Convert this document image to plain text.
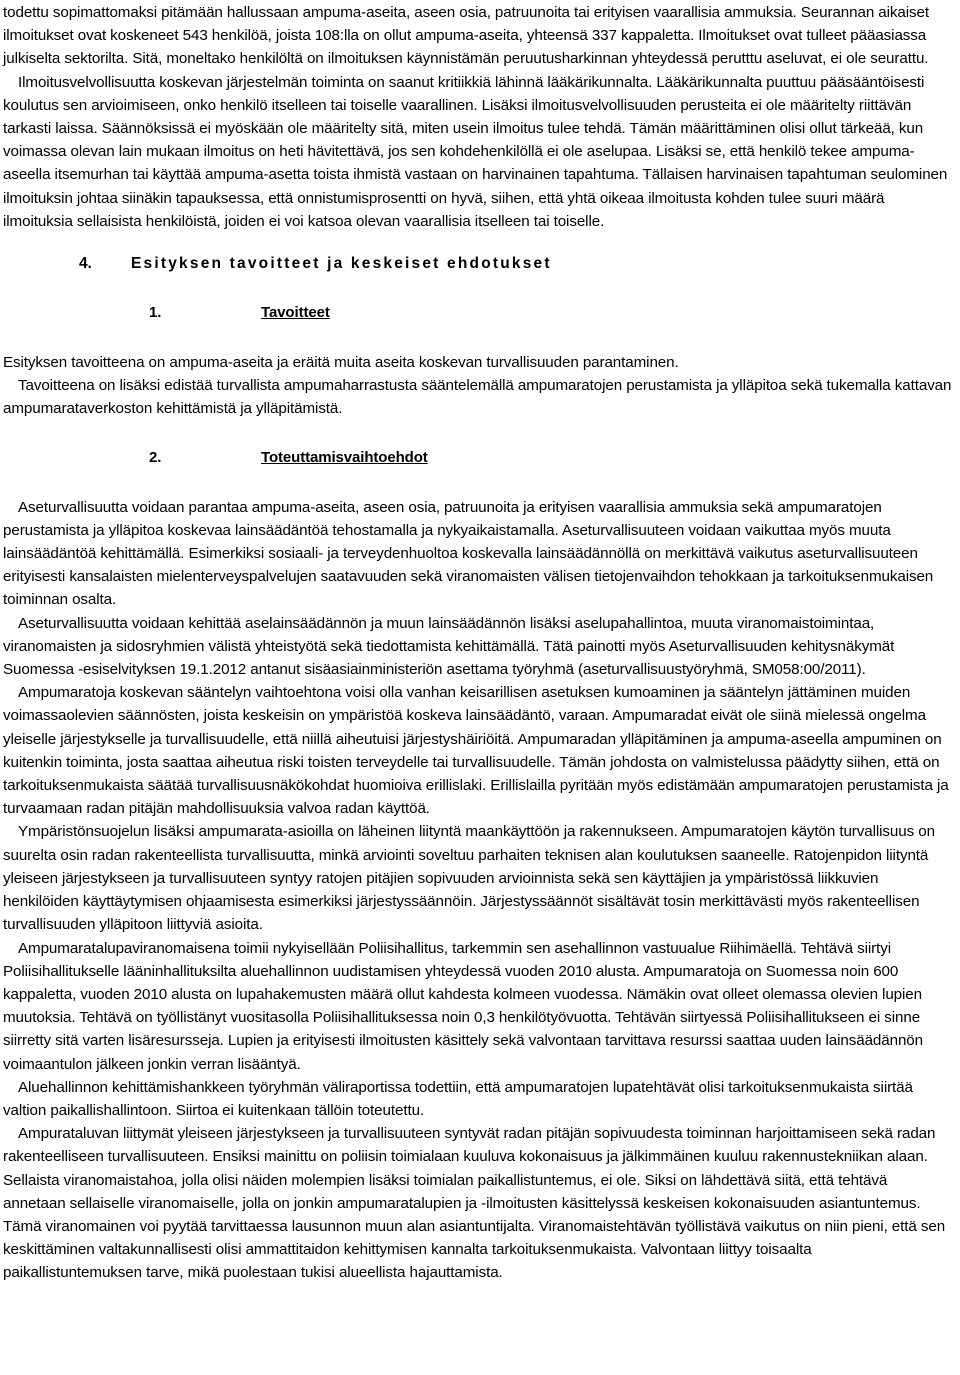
todettu sopimattomaksi pitämään hallussaan ampuma-aseita, aseen osia, patruunoita tai erityisen vaarallisia ammuksia. Seurannan aikaiset ilmoitukset ovat koskeneet 543 henkilöä, joista 108:lla on ollut ampuma-aseita, yhteensä 337 kappaletta. Ilmoitukset ovat tulleet pääasiassa julkiselta sektorilta. Sitä, moneltako henkilöltä on ilmoituksen käynnistämän peruutusharkinnan yhteydessä perutttu aseluvat, ei ole seurattu.

Ilmoitusvelvollisuutta koskevan järjestelmän toiminta on saanut kritiikkiä lähinnä lääkärikunnalta. Lääkärikunnalta puuttuu pääsääntöisesti koulutus sen arvioimiseen, onko henkilö itselleen tai toiselle vaarallinen. Lisäksi ilmoitusvelvollisuuden perusteita ei ole määritelty riittävän tarkasti laissa. Säännöksissä ei myöskään ole määritelty sitä, miten usein ilmoitus tulee tehdä. Tämän määrittäminen olisi ollut tärkeää, kun voimassa olevan lain mukaan ilmoitus on heti hävitettävä, jos sen kohdehenkilöllä ei ole aselupaa. Lisäksi se, että henkilö tekee ampuma-aseella itsemurhan tai käyttää ampuma-asetta toista ihmistä vastaan on harvinainen tapahtuma. Tällaisen harvinaisen tapahtuman seulominen ilmoituksin johtaa siinäkin tapauksessa, että onnistumisprosentti on hyvä, siihen, että yhtä oikeaa ilmoitusta kohden tulee suuri määrä ilmoituksia sellaisista henkilöistä, joiden ei voi katsoa olevan vaarallisia itselleen tai toiselle.

4.	Esityksen tavoitteet ja keskeiset ehdotukset
1.	Tavoitteet

Esityksen tavoitteena on ampuma-aseita ja eräitä muita aseita koskevan turvallisuuden parantaminen.

Tavoitteena on lisäksi edistää turvallista ampumaharrastusta sääntelemällä ampumaratojen perustamista ja ylläpitoa sekä tukemalla kattavan ampumarataverkoston kehittämistä ja ylläpitämistä.

2.	Toteuttamisvaihtoehdot

Aseturvallisuutta voidaan parantaa ampuma-aseita, aseen osia, patruunoita ja erityisen vaarallisia ammuksia sekä ampumaratojen perustamista ja ylläpitoa koskevaa lainsäädäntöä tehostamalla ja nykyaikaistamalla. Aseturvallisuuteen voidaan vaikuttaa myös muuta lainsäädäntöä kehittämällä. Esimerkiksi sosiaali- ja terveydenhuoltoa koskevalla lainsäädännöllä on merkittävä vaikutus aseturvallisuuteen erityisesti kansalaisten mielenterveyspalvelujen saatavuuden sekä viranomaisten välisen tietojenvaihdon tehokkaan ja tarkoituksenmukaisen toiminnan osalta.

Aseturvallisuutta voidaan kehittää aselainsäädännön ja muun lainsäädännön lisäksi aselupahallintoa, muuta viranomaistoimintaa, viranomaisten ja sidosryhmien välistä yhteistyötä sekä tiedottamista kehittämällä. Tätä painotti myös Aseturvallisuuden kehitysnäkymät Suomessa -esiselvityksen 19.1.2012 antanut sisäasiainministeriön asettama työryhmä (aseturvallisuustyöryhmä, SM058:00/2011).

Ampumaratoja koskevan sääntelyn vaihtoehtona voisi olla vanhan keisarillisen asetuksen kumoaminen ja sääntelyn jättäminen muiden voimassaolevien säännösten, joista keskeisin on ympäristöä koskeva lainsäädäntö, varaan. Ampumaradat eivät ole siinä mielessä ongelma yleiselle järjestykselle ja turvallisuudelle, että niillä aiheutuisi järjestyshäiriöitä. Ampumaradan ylläpitäminen ja ampuma-aseella ampuminen on kuitenkin toiminta, josta saattaa aiheutua riski toisten terveydelle tai turvallisuudelle. Tämän johdosta on valmistelussa päädytty siihen, että on tarkoituksenmukaista säätää turvallisuusnäkökohdat huomioiva erillislaki. Erillislailla pyritään myös edistämään ampumaratojen perustamista ja turvaamaan radan pitäjän mahdollisuuksia valvoa radan käyttöä.

Ympäristönsuojelun lisäksi ampumarata-asioilla on läheinen liityntä maankäyttöön ja rakennukseen. Ampumaratojen käytön turvallisuus on suurelta osin radan rakenteellista turvallisuutta, minkä arviointi soveltuu parhaiten teknisen alan koulutuksen saaneelle. Ratojenpidon liityntä yleiseen järjestykseen ja turvallisuuteen syntyy ratojen pitäjien sopivuuden arvioinnista sekä sen käyttäjien ja ympäristössä liikkuvien henkilöiden käyttäytymisen ohjaamisesta esimerkiksi järjestyssäännöin. Järjestyssäännöt sisältävät tosin merkittävästi myös rakenteellisen turvallisuuden ylläpitoon liittyviä asioita.

Ampumaratalupaviranomaisena toimii nykyisellään Poliisihallitus, tarkemmin sen asehallinnon vastuualue Riihimäellä. Tehtävä siirtyi Poliisihallitukselle lääninhallituksilta aluehallinnon uudistamisen yhteydessä vuoden 2010 alusta. Ampumaratoja on Suomessa noin 600 kappaletta, vuoden 2010 alusta on lupahakemusten määrä ollut kahdesta kolmeen vuodessa. Nämäkin ovat olleet olemassa olevien lupien muutoksia. Tehtävä on työllistänyt vuositasolla Poliisihallituksessa noin 0,3 henkilötyövuotta. Tehtävän siirtyessä Poliisihallitukseen ei sinne siirretty sitä varten lisäresurssejа. Lupien ja erityisesti ilmoitusten käsittely sekä valvontaan tarvittava resurssi saattaa uuden lainsäädännön voimaantulon jälkeen jonkin verran lisääntyä.

Aluehallinnon kehittämishankkeen työryhmän väliraportissa todettiin, että ampumaratojen lupatehtävät olisi tarkoituksenmukaista siirtää valtion paikallishallintoon. Siirtoa ei kuitenkaan tällöin toteutettu.

Ampurataluvan liittymät yleiseen järjestykseen ja turvallisuuteen syntyvät radan pitäjän sopivuudesta toiminnan harjoittamiseen sekä radan rakenteelliseen turvallisuuteen. Ensiksi mainittu on poliisin toimialaan kuuluva kokonaisuus ja jälkimmäinen kuuluu rakennustekniikan alaan. Sellaista viranomaistahoa, jolla olisi näiden molempien lisäksi toimialan paikallistuntemus, ei ole. Siksi on lähdettävä siitä, että tehtävä annetaan sellaiselle viranomaiselle, jolla on jonkin ampumaratalupien ja -ilmoitusten käsittelyssä keskeisen kokonaisuuden asiantuntemus. Tämä viranomainen voi pyytää tarvittaessa lausunnon muun alan asiantuntijalta. Viranomaistehtävän työllistävä vaikutus on niin pieni, että sen keskittäminen valtakunnallisesti olisi ammattitaidon kehittymisen kannalta tarkoituksenmukaista. Valvontaan liittyy toisaalta paikallistuntemuksen tarve, mikä puolestaan tukisi alueellista hajauttamista.
